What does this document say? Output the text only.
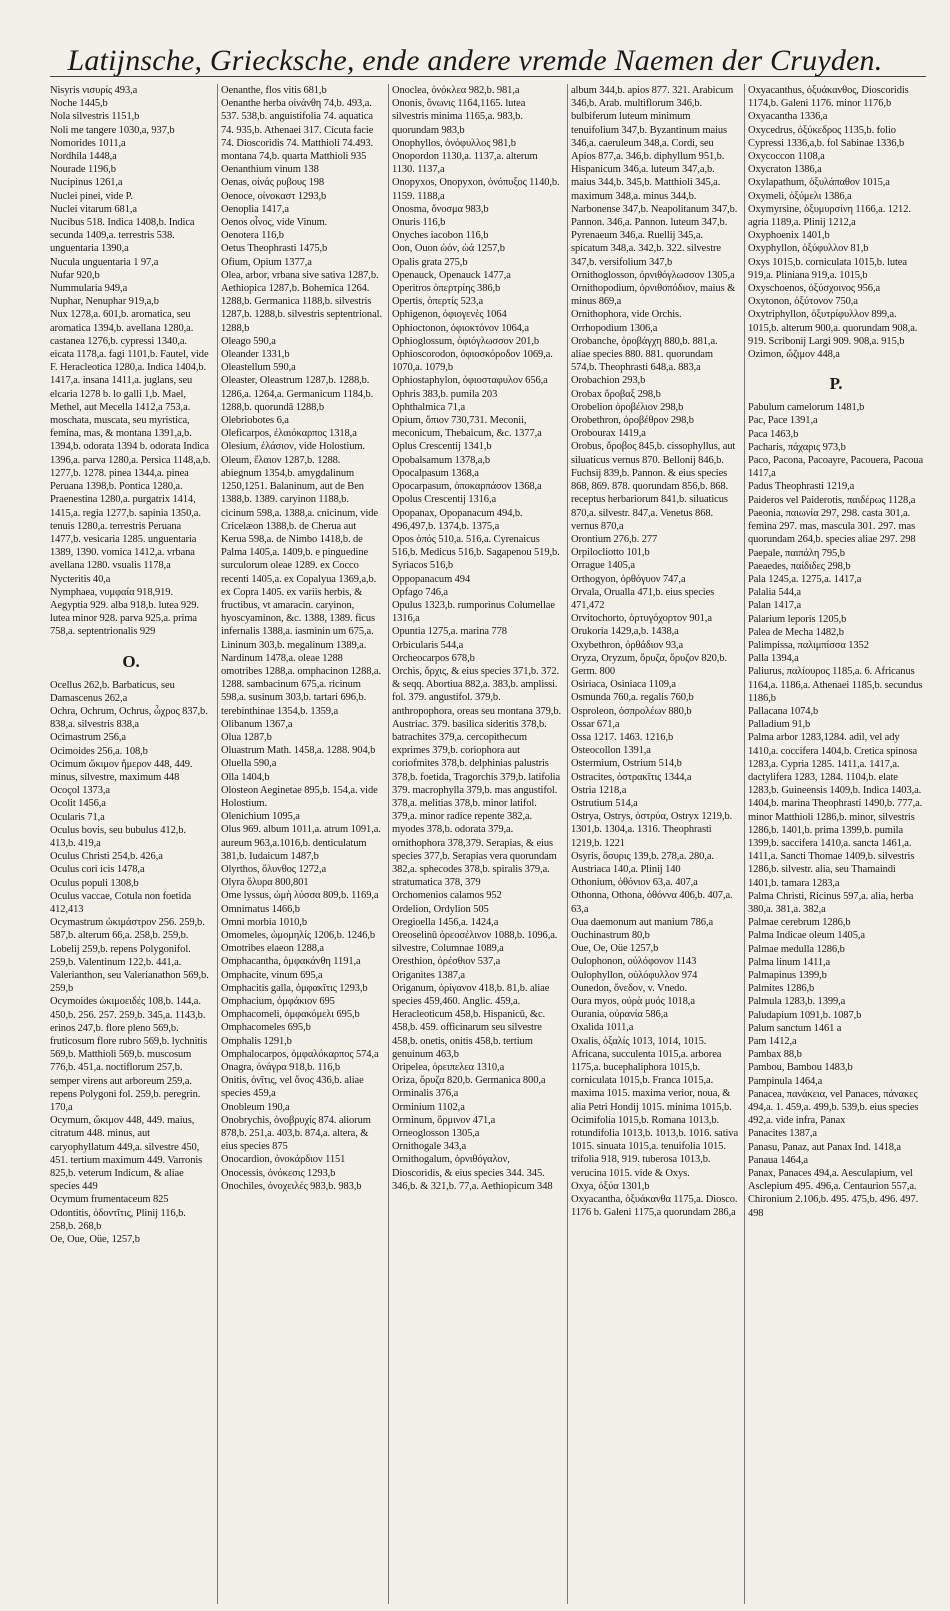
Latijnsche, Griecksche, ende andere vremde Naemen der Cruyden.
Nisyris νισυρίς 493,a
Noche 1445,b
Nola silvestris 1151,b
Noli me tangere 1030,a, 937,b
Nomorides 1011,a
Nordhila 1448,a
Nourade 1196,b
Nucipinus 1261,a
Nuclei pinei, vide P.
Nuclei vitarum 681,a
Nucibus 518. Indica 1408,b. Indica secunda 1409,a. terrestris 538. unguentaria 1390,a
Nucula unguentaria 1 97,a
Nufar 920,b
Nummularia 949,a
Nuphar, Nenuphar 919,a,b
Nux 1278,a. 601,b. aromatica, seu aromatica 1394,b. avellana 1280,a. castanea 1276,b. cypressi 1340,a. eicata 1178,a. fagi 1101,b. Fautel, vide F. Heracleotica 1280,a. Indica 1404,b. 1417,a. insana 1411,a. juglans, seu elcaria 1278 b. lo galli 1,b. Mael, Methel, aut Mecella 1412,a 753,a. moschata, muscata, seu myristica, femina, mas, & montana 1391,a,b. 1394,b. odorata 1394 b. odorata Indica 1396,a. parva 1280,a. Persica 1148,a,b. 1277,b. 1278. pinea 1344,a. pinea Peruana 1398,b. Pontica 1280,a. Praenestina 1280,a. purgatrix 1414, 1415,a. regia 1277,b. sapinia 1350,a. tenuis 1280,a. terrestris Peruana 1477,b. vesicaria 1285. unguentaria 1389, 1390. vomica 1412,a. vrbana avellana 1280. vsualis 1178,a
Nycteritis 40,a
Nymphaea, νυμφαία 918,919. Aegyptia 929. alba 918,b. lutea 929. lutea minor 928. parva 925,a. prima 758,a. septentrionalis 929
O.
Ocellus 262,b. Barbaticus, seu Damascenus 262,a
Ochra, Ochrum, Ochrus, ὦχρος 837,b. 838,a. silvestris 838,a
Ocimastrum 256,a
Ocimoides 256,a. 108,b
Ocimum ὤκιμον ἥμερον 448, 449. minus, silvestre, maximum 448
Ocoçol 1373,a
Ocolit 1456,a
Ocularis 71,a
Oculus bovis, seu bubulus 412,b. 413,b. 419,a
Oculus Christi 254,b. 426,a
Oculus cori icis 1478,a
Oculus populi 1308,b
Oculus vaccae, Cotula non foetida 412,413
Ocymastrum ὠκιμάστρον 256. 259,b. 587,b. alterum 66,a. 258,b. 259,b. Lobelij 259,b. repens Polygonifol. 259,b. Valentinum 122,b. 441,a. Valerianthon, seu Valerianathon 569,b. 259,b
Ocymoides ὠκιμοειδές 108,b. 144,a. 450,b. 256. 257. 259,b. 345,a. 1143,b. erinos 247,b. flore pleno 569,b. fruticosum flore rubro 569,b. lychnitis 569,b. Matthioli 569,b. muscosum 776,b. 451,a. noctiflorum 257,b. semper virens aut arboreum 259,a. repens Polygoni fol. 259,b. peregrin. 170,a
Ocymum, ὤκιμον 448, 449. maius, citratum 448. minus, aut caryophyllatum 449,a. silvestre 450, 451. tertium maximum 449. Varronis 825,b. veterum Indicum, & aliae species 449
Ocymum frumentaceum 825
Odontitis, ὀδοντῖτις, Plinij 116,b. 258,b. 268,b
Oe, Oue, Oüe, 1257,b
Oenanthe, flos vitis 681,b
Oenanthe herba οἰνάνθη 74,b. 493,a. 537. 538,b. anguistifolia 74. aquatica 74. 935,b. Athenaei 317. Cicuta facie 74. Dioscoridis 74. Matthioli 74.493. montana 74,b. quarta Matthioli 935
Oenanthium vinum 138
Oenas, οἰνάς ρυβους 198
Oenoce, οἰνοκαστ 1293,b
Oenoplia 1417,a
Oenos οἶνος, vide Vinum.
Oenotera 116,b
Oetus Theophrasti 1475,b
Ofium, Opium 1377,a
Olea, arbor, vrbana sive sativa 1287,b. Aethiopica 1287,b. Bohemica 1264. 1288,b. Germanica 1188,b. silvestris 1287,b. 1288,b. silvestris septentrional. 1288,b
Oleago 590,a
Oleander 1331,b
Oleastellum 590,a
Oleaster, Oleastrum 1287,b. 1288,b. 1286,a. 1264,a. Germanicum 1184,b. 1288,b. quorundā 1288,b
Olebriobotes 6,a
Oleficarpos, ἐλαιόκαρπος 1318,a
Olesium, ἐλάσιον, vide Holostium.
Oleum, ἔλαιον 1287,b. 1288. abiegnum 1354,b. amygdalinum 1250,1251. Balaninum, aut de Ben 1388,b. 1389. caryinon 1188,b. cicinum 598,a. 1388,a. cnicinum, vide Cricelæon 1388,b. de Cherua aut Kerua 598,a. de Nimbo 1418,b. de Palma 1405,a. 1409,b. e pinguedine surculorum oleae 1289. ex Cocco recenti 1405,a. ex Copalyua 1369,a,b. ex Copra 1405. ex variis herbis, & fructibus, vt amaracin. caryinon, hyoscyaminon, &c. 1388, 1389. ficus infernalis 1388,a. iasminin um 675,a. Lininum 303,b. megalinum 1389,a. Nardinum 1478,a. oleae 1288 omotribes 1288,a. omphacinon 1288,a. 1288. sambacinum 675,a. ricinum 598,a. susinum 303,b. tartari 696,b. terebinthinae 1354,b. 1359,a
Olibanum 1367,a
Olua 1287,b
Oluastrum Math. 1458,a. 1288. 904,b
Oluella 590,a
Olla 1404,b
Olosteon Aeginetae 895,b. 154,a. vide Holostium.
Olenichium 1095,a
Olus 969. album 1011,a. atrum 1091,a. aureum 963,a.1016,b. denticulatum 381,b. Iudaicum 1487,b
Olyrthos, ὄλυνθος 1272,a
Olyra ὄλυρα 800,801
Ome lyssus, ὠμὴ λύσσα 809,b. 1169,a
Omnimatus 1466,b
Omni morbia 1010,b
Omomeles, ὠμομηλίς 1206,b. 1246,b
Omotribes elaeon 1288,a
Omphacantha, ὀμφακάνθη 1191,a
Omphacite, vinum 695,a
Omphacitis galla, ὀμφακῖτις 1293,b
Omphacium, ὀμφάκιον 695
Omphacomeli, ὀμφακόμελι 695,b
Omphacomeles 695,b
Omphalis 1291,b
Omphalocarpos, ὀμφαλόκαρπος 574,a
Onagra, ὀνάγρα 918,b. 116,b
Onitis, ὀνῖτις, vel ὄνος 436,b. aliae species 459,a
Onobleum 190,a
Onobrychis, ὀνοβρυχίς 874. aliorum 878,b. 251,a. 403,b. 874,a. altera, & eius species 875
Onocardion, ὀνοκάρδιον 1151
Onocessis, ὀνόκεσις 1293,b
Onochiles, ὀνοχειλές 983,b. 983,b
Onoclea, ὀνόκλεα 982,b. 981,a
Ononis, ὄνωνις 1164,1165. lutea silvestris minima 1165,a. 983,b. quorundam 983,b
Onophyllos, ὀνόφυλλος 981,b
Onopordon 1130,a. 1137,a. alterum 1130. 1137,a
Onopyxos, Onopyxon, ὀνόπυξος 1140,b. 1159. 1188,a
Onosma, ὄνοσμα 983,b
Onuris 116,b
Onyches iacobon 116,b
Oon, Ouon ὠόν, ὠά 1257,b
Opalis grata 275,b
Openauck, Openauck 1477,a
Operitros ὀπερτρίης 386,b
Opertis, ὀπερτίς 523,a
Ophigenon, ὀφιογενὲς 1064
Ophioctonon, ὀφιοκτόνον 1064,a
Ophioglossum, ὀφιόγλωσσον 201,b
Ophioscorodon, ὀφιοσκόροδον 1069,a. 1070,a. 1079,b
Ophiostaphylon, ὀφιοσταφυλον 656,a
Ophris 383,b. pumila 203
Ophthalmica 71,a
Opium, ὄπιον 730,731. Meconii, meconicum, Thebaicum, &c. 1377,a
Oplus Crescentij 1341,b
Opobalsamum 1378,a,b
Opocalpasum 1368,a
Opocarpasum, ὀποκαρπάσον 1368,a
Opolus Crescentij 1316,a
Opopanax, Opopanacum 494,b. 496,497,b. 1374,b. 1375,a
Opos ὀπός 510,a. 516,a. Cyrenaicus 516,b. Medicus 516,b. Sagapenou 519,b. Syriacos 516,b
Oppopanacum 494
Opfago 746,a
Opulus 1323,b. rumporinus Columellae 1316,a
Opuntia 1275,a. marina 778
Orbicularis 544,a
Orcheocarpos 678,b
Orchis, ὄρχις, & eius species 371,b. 372. & seqq. Abortiua 882,a. 383,b. amplissi. fol. 379. angustifol. 379,b. anthropophora, oreas seu montana 379,b. Austriac. 379. basilica sideritis 378,b. batrachites 379,a. cercopithecum exprimes 379,b. coriophora aut coriofmites 378,b. delphinias palustris 378,b. foetida, Tragorchis 379,b. latifolia 379. macrophylla 379,b. mas angustifol. 378,a. melitias 378,b. minor latifol. 379,a. minor radice repente 382,a. myodes 378,b. odorata 379,a. ornithophora 378,379. Serapias, & eius species 377,b. Serapias vera quorundam 382,a. sphecodes 378,b. spiralis 379,a. stratumatica 378, 379
Orchomenios calamos 952
Ordelion, Ordylion 505
Oregioella 1456,a. 1424,a
Oreoselinū ὀρεοσέλινον 1088,b. 1096,a. silvestre, Columnae 1089,a
Oresthion, ὀρέσθιον 537,a
Origanites 1387,a
Origanum, ὀρίγανον 418,b. 81,b. aliae species 459,460. Anglic. 459,a. Heracleoticum 458,b. Hispanicū, &c. 458,b. 459. officinarum seu silvestre 458,b. onetis, onitis 458,b. tertium genuinum 463,b
Oripelea, ὀρειπελεα 1310,a
Oriza, ὄρυζα 820,b. Germanica 800,a
Orminalis 376,a
Orminium 1102,a
Orminum, ὅρμινον 471,a
Orneoglosson 1305,a
Ornithogale 343,a
Ornithogalum, ὀρνιθόγαλον, Dioscoridis, & eius species 344. 345. 346,b. & 321,b. 77,a. Aethiopicum 348
album 344,b. apios 877. 321. Arabicum 346,b. Arab. multiflorum 346,b. bulbiferum luteum minimum tenuifolium 347,b. Byzantinum maius 346,a. caeruleum 348,a. Cordi, seu Apios 877,a. 346,b. diphyllum 951,b. Hispanicum 346,a. luteum 347,a,b. maius 344,b. 345,b. Matthioli 345,a. maximum 348,a. minus 344,b. Narbonense 347,b. Neapolitanum 347,b. Pannon. 346,a. Pannon. luteum 347,b. Pyrenaeum 346,a. Ruellij 345,a. spicatum 348,a. 342,b. 322. silvestre 347,b. versifolium 347,b
Ornithoglosson, ὀρνιθόγλωσσον 1305,a
Ornithopodium, ὀρνιθοπόδιον, maius & minus 869,a
Ornithophora, vide Orchis.
Orrhopodium 1306,a
Orobanche, ὀροβάγχη 880,b. 881,a. aliae species 880. 881. quorundam 574,b. Theophrasti 648,a. 883,a
Orobachion 293,b
Orobax ὄροβαξ 298,b
Orobelion ὀροβέλιον 298,b
Orobethron, ὀροβέθρον 298,b
Orobourax 1419,a
Orobus, ὄροβος 845,b. cissophyllus, aut siluaticus vernus 870. Bellonij 846,b. Fuchsij 839,b. Pannon. & eius species 868, 869. 878. quorundam 856,b. 868. receptus herbariorum 841,b. siluaticus 870,a. silvestr. 847,a. Venetus 868. vernus 870,a
Orontium 276,b. 277
Orpilocliotto 101,b
Orrague 1405,a
Orthogyon, ὀρθόγυον 747,a
Orvala, Orualla 471,b. eius species 471,472
Orvitochorto, ὀρτυγόχορτον 901,a
Orukoria 1429,a,b. 1438,a
Oxybethron, ὀρθάδιον 93,a
Oryza, Oryzum, ὄρυζα, ὄρυζον 820,b. Germ. 800
Osiriaca, Osiniaca 1109,a
Osmunda 760,a. regalis 760,b
Osproleon, ὀσπρολέων 880,b
Ossar 671,a
Ossa 1217. 1463. 1216,b
Osteocollon 1391,a
Ostermium, Ostrium 514,b
Ostracites, ὀστρακῖτις 1344,a
Ostria 1218,a
Ostrutium 514,a
Ostrya, Ostrys, ὀστρύα, Ostryx 1219,b. 1301,b. 1304,a. 1316. Theophrasti 1219,b. 1221
Osyris, ὄσυρις 139,b. 278,a. 280,a. Austriaca 140,a. Plinij 140
Othonium, ὀθόνιον 63,a. 407,a
Othonna, Othona, ὀθόννα 406,b. 407,a. 63,a
Oua daemonum aut manium 786,a
Ouchinastrum 80,b
Oue, Oe, Oüe 1257,b
Oulophonon, οὐλόφονον 1143
Oulophyllon, οὐλόφυλλον 974
Ounedon, ὄνεδον, v. Vnedo.
Oura myos, οὐρὰ μυός 1018,a
Ourania, οὐρανία 586,a
Oxalida 1011,a
Oxalis, ὀξαλίς 1013, 1014, 1015. Africana, succulenta 1015,a. arborea 1175,a. bucephaliphora 1015,b. corniculata 1015,b. Franca 1015,a. maxima 1015. maxima verior, noua, & alia Petri Hondij 1015. minima 1015,b. Ocimifolia 1015,b. Romana 1013,b. rotundifolia 1013,b. 1013,b. 1016. sativa 1015. sinuata 1015,a. tenuifolia 1015. trifolia 918, 919. tuberosa 1013,b. verucina 1015. vide & Oxys.
Oxya, ὀξύα 1301,b
Oxyacantha, ὀξυάκανθα 1175,a. Diosco. 1176 b. Galeni 1175,a quorundam 286,a
Oxyacanthus, ὀξυάκανθος, Dioscoridis 1174,b. Galeni 1176. minor 1176,b
Oxyacantha 1336,a
Oxycedrus, ὀξύκεδρος 1135,b. folio Cypressi 1336,a,b. fol Sabinae 1336,b
Oxycoccon 1108,a
Oxycraton 1386,a
Oxylapathum, ὀξυλάπαθον 1015,a
Oxymeli, ὀξύμελι 1386,a
Oxymyrsine, ὀξυμυρσίνη 1166,a. 1212. agria 1189,a. Plinij 1212,a
Oxyphoenix 1401,b
Oxyphyllon, ὀξύφυλλον 81,b
Oxys 1015,b. corniculata 1015,b. lutea 919,a. Plinianа 919,a. 1015,b
Oxyschoenos, ὀξύσχοινος 956,a
Oxytonon, ὀξύτονον 750,a
Oxytriphyllon, ὀξυτρίφυλλον 899,a. 1015,b. alterum 900,a. quorundam 908,a. 919. Scribonij Largi 909. 908,a. 915,b
Ozimon, ὤζιμον 448,a
P.
Pabulum camelorum 1481,b
Pac, Pace 1391,a
Paca 1463,b
Pacharis, πάχαρις 973,b
Paco, Pacona, Pacoayre, Pacouera, Pacoua 1417,a
Padus Theophrasti 1219,a
Paideros vel Paiderotis, παιδέρως 1128,a
Paeonia, παιωνία 297, 298. casta 301,a. femina 297. mas, mascula 301. 297. mas quorundam 264,b. species aliae 297. 298
Paepale, παιπάλη 795,b
Paeaedes, παίδιδες 298,b
Pala 1245,a. 1275,a. 1417,a
Palalia 544,a
Palan 1417,a
Palarium leporis 1205,b
Palea de Mecha 1482,b
Palimpissa, παλιμπίσσα 1352
Palla 1394,a
Paliurus, παλίουρος 1185,a. 6. Africanus 1164,a. 1186,a. Athenaei 1185,b. secundus 1186,b
Pallacana 1074,b
Palladium 91,b
Palma arbor 1283,1284. adil, vel ady 1410,a. coccifera 1404,b. Cretica spinosa 1283,a. Cypria 1285. 1411,a. 1417,a. dactylifera 1283, 1284. 1104,b. elate 1283,b. Guineensis 1409,b. Indica 1403,a. 1404,b. marina Theophrasti 1490,b. 777,a. minor Matthioli 1286,b. minor, silvestris 1286,b. 1401,b. prima 1399,b. pumila 1399,b. saccifera 1410,a. sancta 1461,a. 1411,a. Sancti Thomae 1409,b. silvestris 1286,b. silvestr. alia, seu Thamaindi 1401,b. tamara 1283,a
Palma Christi, Ricinus 597,a. alia, herba 380,a. 381,a. 382,a
Palmae cerebrum 1286,b
Palma Indicae oleum 1405,a
Palmae medulla 1286,b
Palma linum 1411,a
Palmapinus 1399,b
Palmites 1286,b
Palmula 1283,b. 1399,a
Paludapium 1091,b. 1087,b
Palum sanctum 1461 a
Pam 1412,a
Pambax 88,b
Pambou, Bambou 1483,b
Pampinula 1464,a
Panacea, πανάκεια, vel Panaces, πάνακες 494,a. 1. 459,a. 499,b. 539,b. eius species 492,a. vide infra, Panax
Panacites 1387,a
Panasu, Panaz, aut Panax Ind. 1418,a
Panaua 1464,a
Panax, Panaces 494,a. Aesculapium, vel Asclepium 495. 496,a. Centaurion 557,a. Chironium 2.106,b. 495. 475,b. 496. 497. 498
